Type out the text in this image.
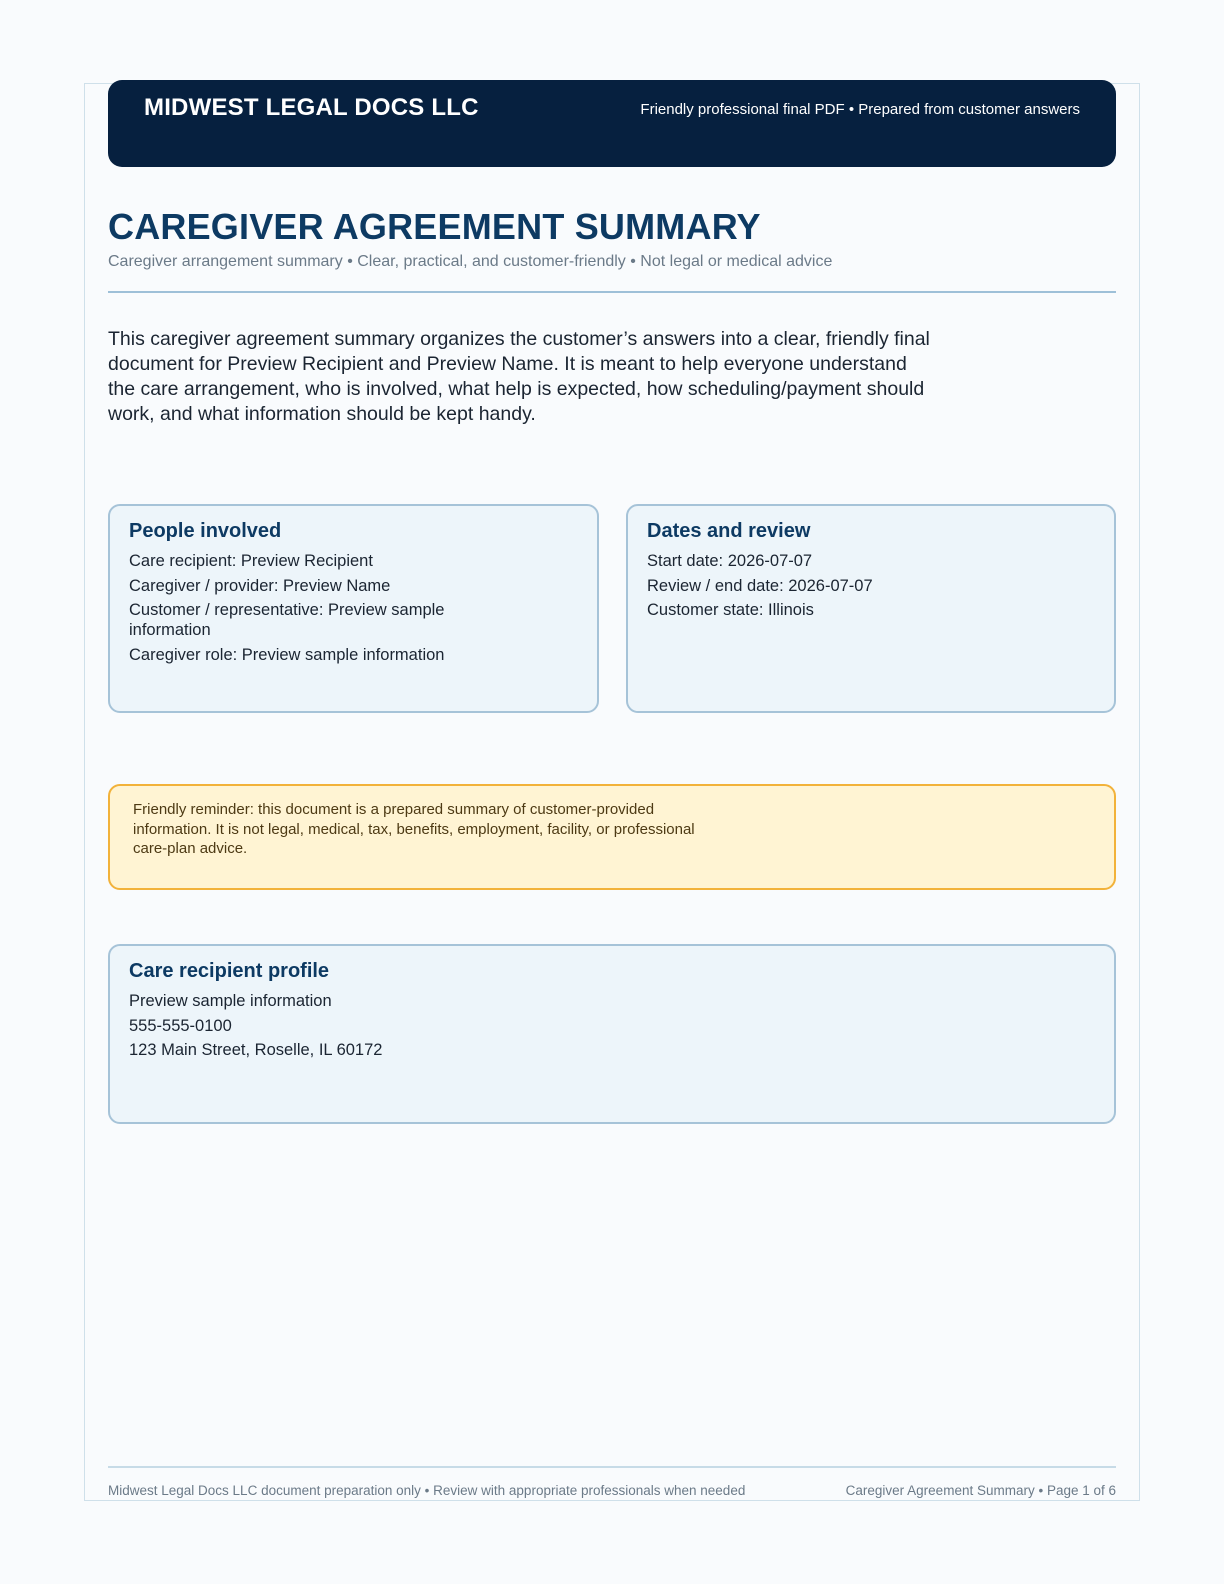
MIDWEST LEGAL DOCS LLC	Friendly professional final PDF • Prepared from customer answers
CAREGIVER AGREEMENT SUMMARY
Caregiver arrangement summary • Clear, practical, and customer-friendly • Not legal or medical advice

This caregiver agreement summary organizes the customer’s answers into a clear, friendly final document for Preview Recipient and Preview Name. It is meant to help everyone understand the care arrangement, who is involved, what help is expected, how scheduling/payment should work, and what information should be kept handy.

People involved
Care recipient: Preview Recipient
Caregiver / provider: Preview Name
Customer / representative: Preview sample information
Caregiver role: Preview sample information
Dates and review
Start date: 2026-07-07
Review / end date: 2026-07-07
Customer state: Illinois

Friendly reminder: this document is a prepared summary of customer-provided information. It is not legal, medical, tax, benefits, employment, facility, or professional care-plan advice.

Care recipient profile
Preview sample information
555-555-0100
123 Main Street, Roselle, IL 60172
Midwest Legal Docs LLC document preparation only • Review with appropriate professionals when needed	Caregiver Agreement Summary • Page 1 of 6
